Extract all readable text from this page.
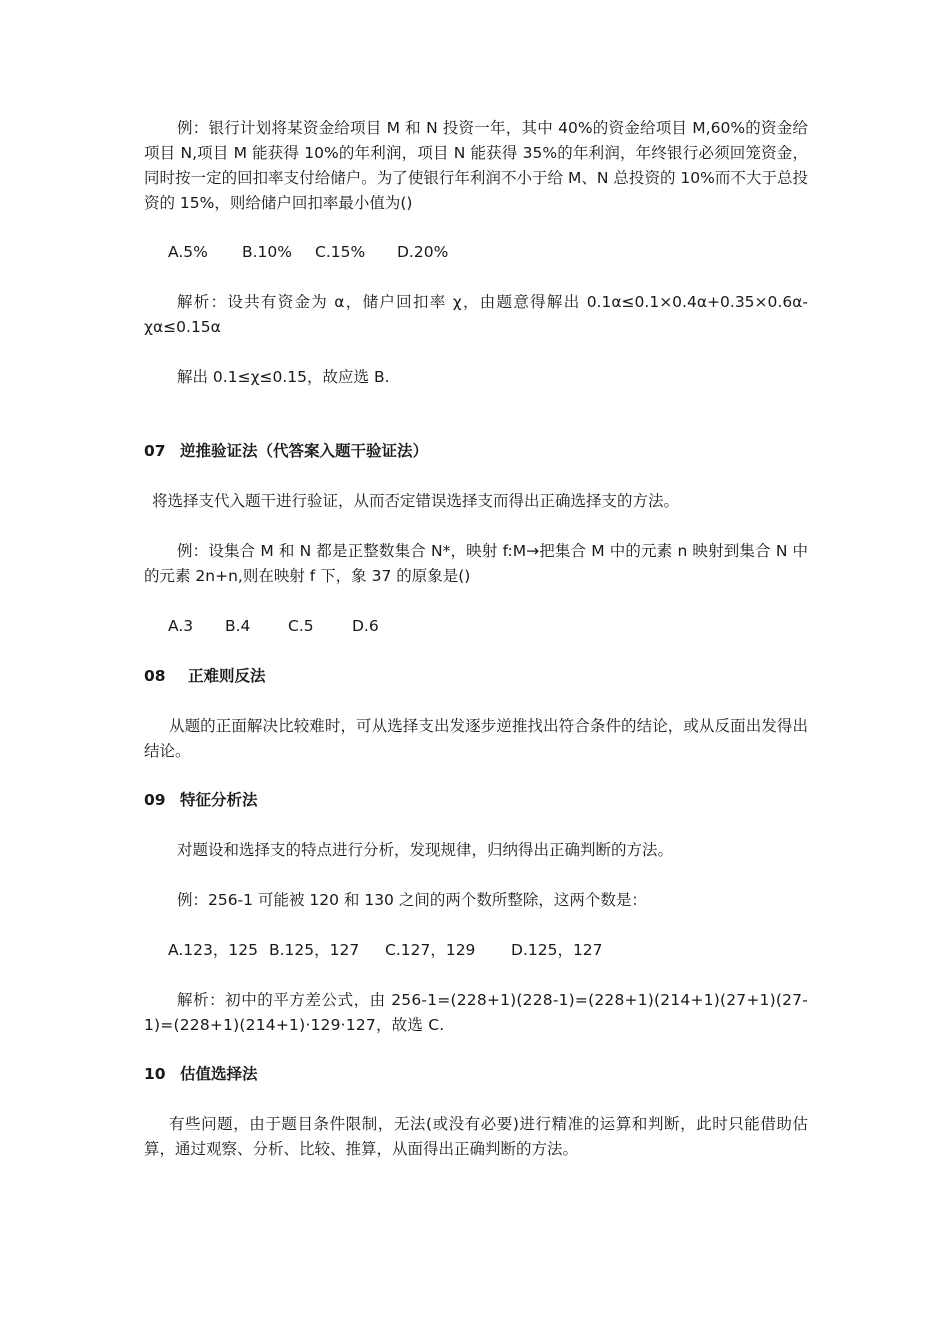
例：银行计划将某资金给项目 M 和 N 投资一年，其中 40%的资金给项目 M,60%的资金给项目 N,项目 M 能获得 10%的年利润，项目 N 能获得 35%的年利润，年终银行必须回笼资金，同时按一定的回扣率支付给储户。为了使银行年利润不小于给 M、N 总投资的 10%而不大于总投资的 15%，则给储户回扣率最小值为()

A.5% B.10% C.15% D.20%

解析：设共有资金为 α，储户回扣率 χ，由题意得解出 0.1α≤0.1×0.4α+0.35×0.6α-χα≤0.15α

解出 0.1≤χ≤0.15，故应选 B.

07 逆推验证法（代答案入题干验证法）

将选择支代入题干进行验证，从而否定错误选择支而得出正确选择支的方法。

例：设集合 M 和 N 都是正整数集合 N*，映射 f:M→把集合 M 中的元素 n 映射到集合 N 中的元素 2n+n,则在映射 f 下，象 37 的原象是()

A.3 B.4 C.5 D.6

08 正难则反法

从题的正面解决比较难时，可从选择支出发逐步逆推找出符合条件的结论，或从反面出发得出结论。

09 特征分析法

对题设和选择支的特点进行分析，发现规律，归纳得出正确判断的方法。

例：256-1 可能被 120 和 130 之间的两个数所整除，这两个数是：

A.123，125 B.125，127 C.127，129 D.125，127

解析：初中的平方差公式，由 256-1=(228+1)(228-1)=(228+1)(214+1)(27+1)(27-1)=(228+1)(214+1)·129·127，故选 C.

10 估值选择法

有些问题，由于题目条件限制，无法(或没有必要)进行精准的运算和判断，此时只能借助估算，通过观察、分析、比较、推算，从面得出正确判断的方法。
